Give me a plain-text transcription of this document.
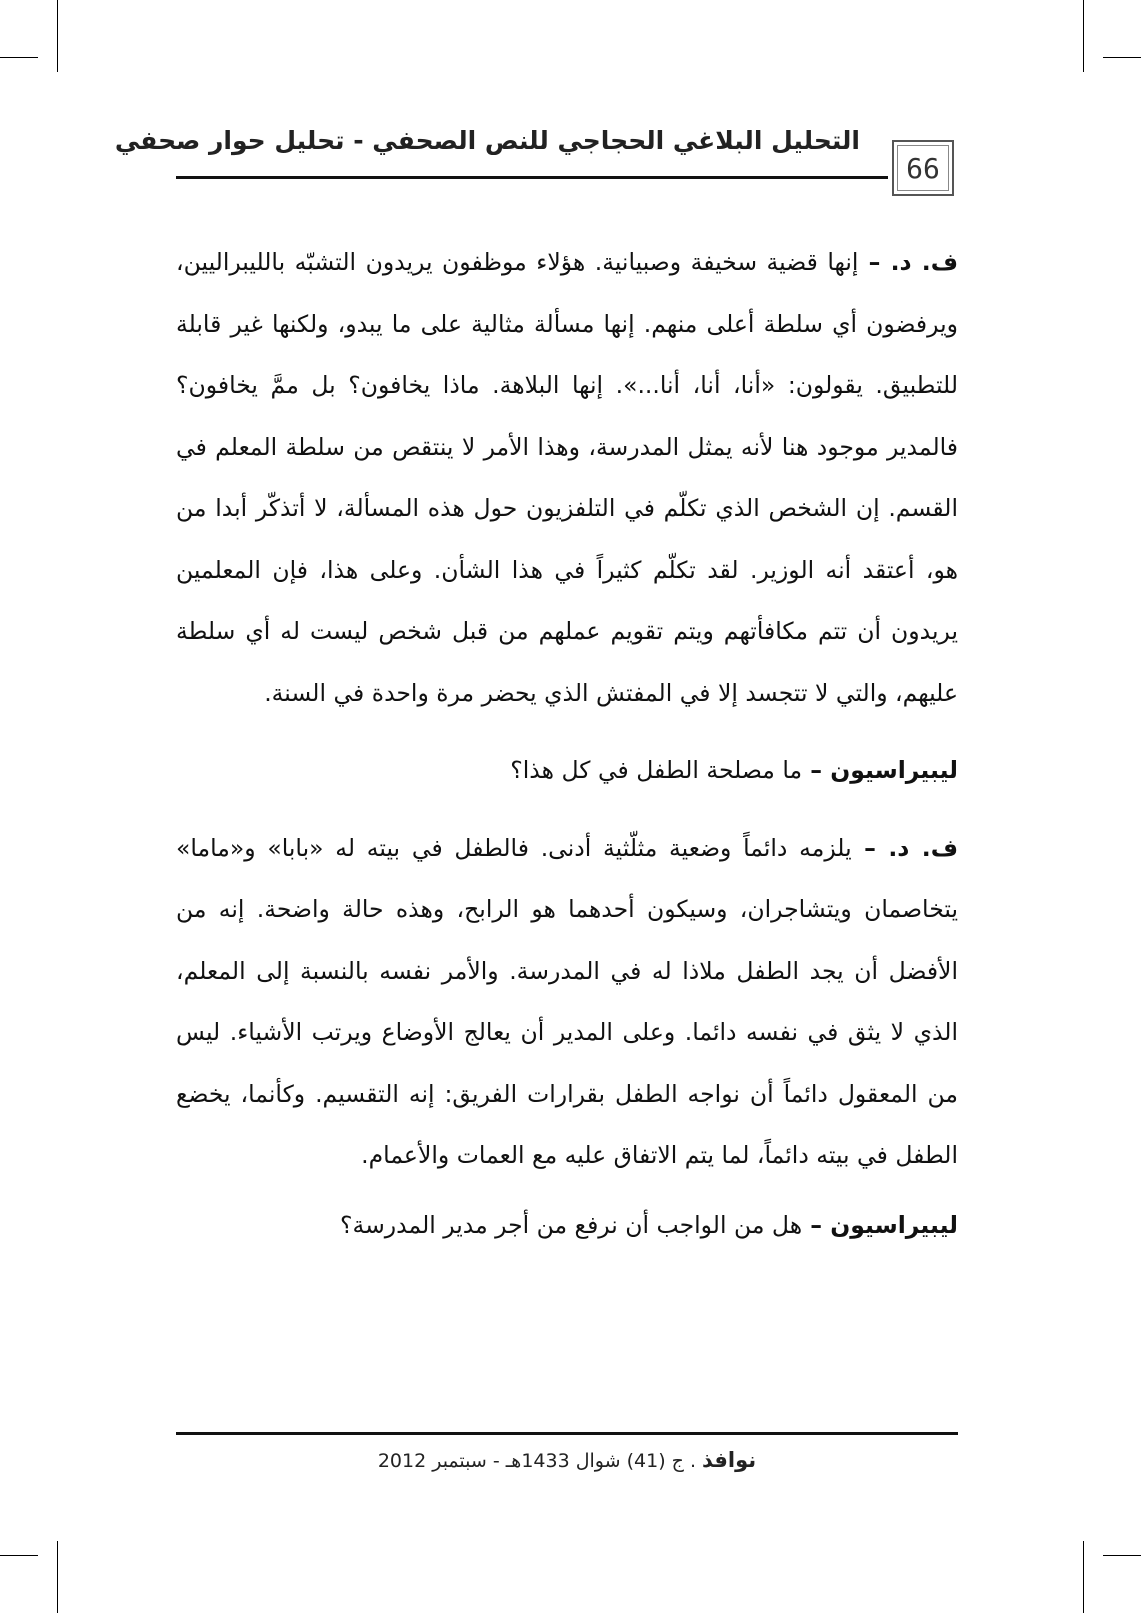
التحليل البلاغي الحجاجي للنص الصحفي - تحليل حوار صحفي
66

ف. د. – إنها قضية سخيفة وصبيانية. هؤلاء موظفون يريدون التشبّه بالليبراليين، ويرفضون أي سلطة أعلى منهم. إنها مسألة مثالية على ما يبدو، ولكنها غير قابلة للتطبيق. يقولون: «أنا، أنا، أنا...». إنها البلاهة. ماذا يخافون؟ بل ممَّ يخافون؟ فالمدير موجود هنا لأنه يمثل المدرسة، وهذا الأمر لا ينتقص من سلطة المعلم في القسم. إن الشخص الذي تكلّم في التلفزيون حول هذه المسألة، لا أتذكّر أبدا من هو، أعتقد أنه الوزير. لقد تكلّم كثيراً في هذا الشأن. وعلى هذا، فإن المعلمين يريدون أن تتم مكافأتهم ويتم تقويم عملهم من قبل شخص ليست له أي سلطة عليهم، والتي لا تتجسد إلا في المفتش الذي يحضر مرة واحدة في السنة.

ليبيراسيون – ما مصلحة الطفل في كل هذا؟

ف. د. – يلزمه دائماً وضعية مثلّثية أدنى. فالطفل في بيته له «بابا» و«ماما» يتخاصمان ويتشاجران، وسيكون أحدهما هو الرابح، وهذه حالة واضحة. إنه من الأفضل أن يجد الطفل ملاذا له في المدرسة. والأمر نفسه بالنسبة إلى المعلم، الذي لا يثق في نفسه دائما. وعلى المدير أن يعالج الأوضاع ويرتب الأشياء. ليس من المعقول دائماً أن نواجه الطفل بقرارات الفريق: إنه التقسيم. وكأنما، يخضع الطفل في بيته دائماً، لما يتم الاتفاق عليه مع العمات والأعمام.

ليبيراسيون – هل من الواجب أن نرفع من أجر مدير المدرسة؟

نوافذ . ج (41) شوال 1433هـ - سبتمبر 2012
